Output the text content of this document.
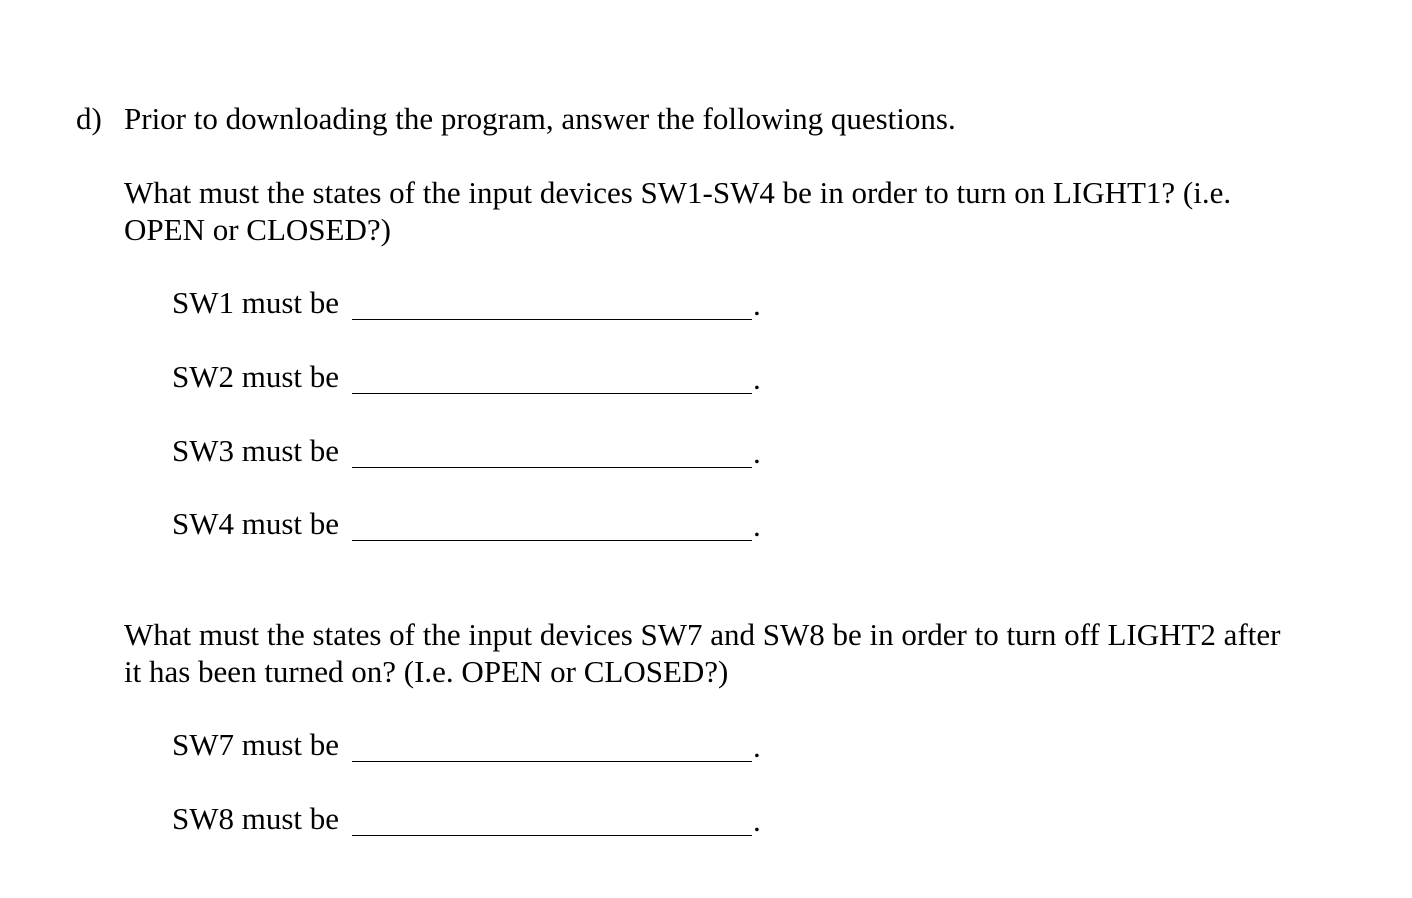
d) Prior to downloading the program, answer the following questions.
What must the states of the input devices SW1-SW4 be in order to turn on LIGHT1? (i.e.
OPEN or CLOSED?)
SW1 must be	.
SW2 must be	.
SW3 must be	.
SW4 must be	.
What must the states of the input devices SW7 and SW8 be in order to turn off LIGHT2 after
it has been turned on? (I.e. OPEN or CLOSED?)
SW7 must be	.
SW8 must be	.
